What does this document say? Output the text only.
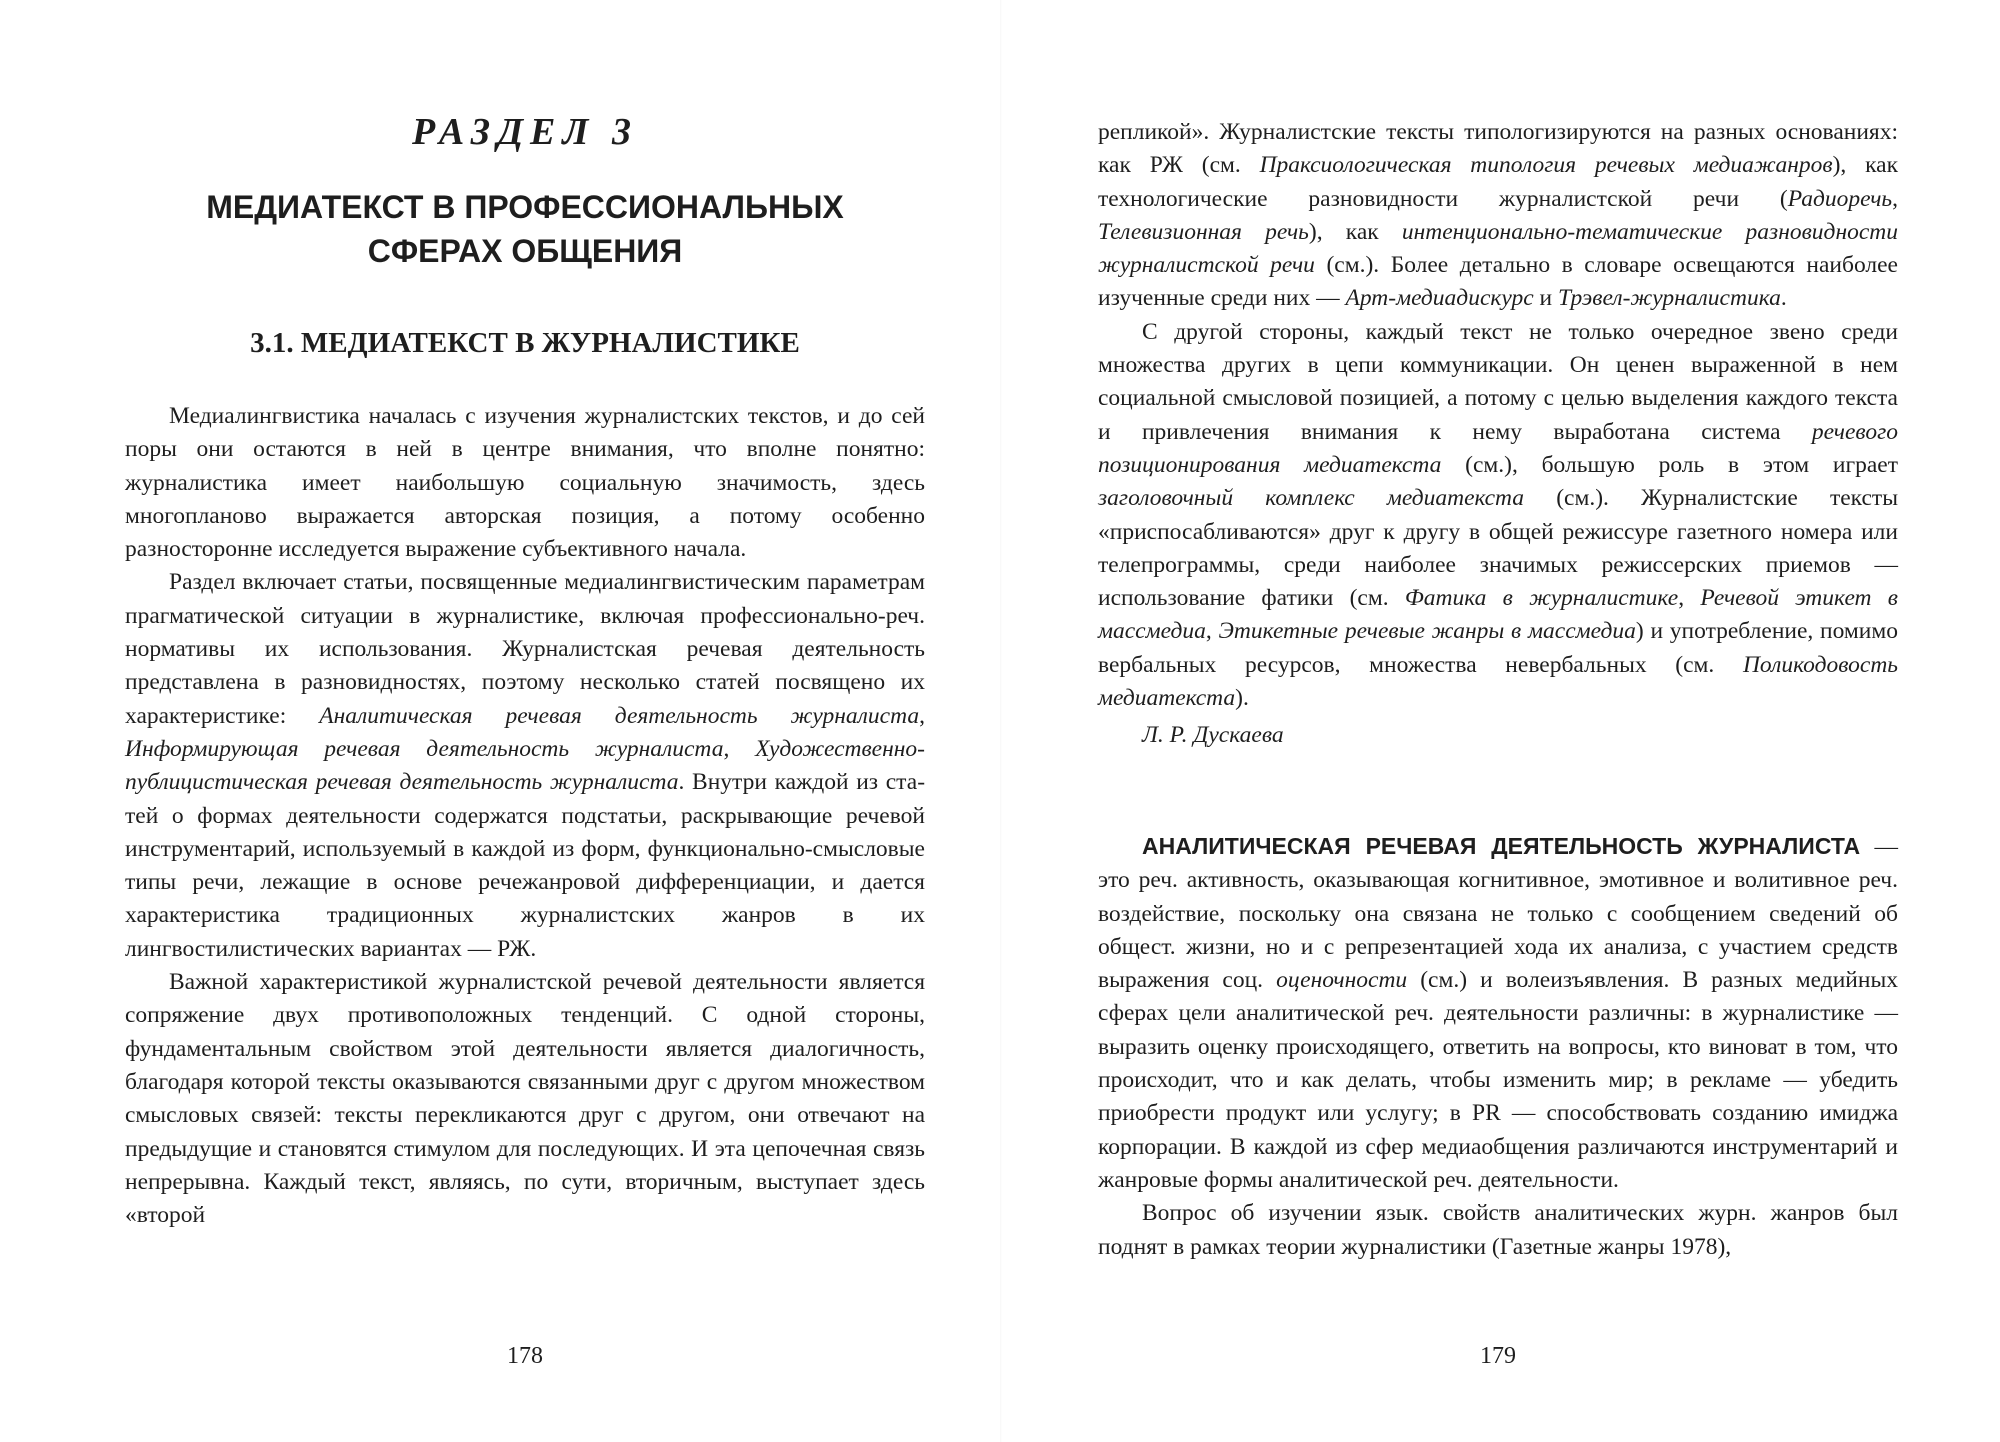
РАЗДЕЛ 3
МЕДИАТЕКСТ В ПРОФЕССИОНАЛЬНЫХ
СФЕРАХ ОБЩЕНИЯ
3.1. МЕДИАТЕКСТ В ЖУРНАЛИСТИКЕ

Медиалингвистика началась с изучения журналистских текстов, и до сей поры они остаются в ней в центре внимания, что вполне понятно: журналистика имеет наибольшую социальную значимость, здесь многопланово выражается авторская позиция, а потому особенно разносторонне исследуется выражение субъективного начала.

Раздел включает статьи, посвященные медиалингвистическим параметрам прагматической ситуации в журналистике, включая профессионально-реч. нормативы их использования. Журналистская речевая деятельность представлена в разновидностях, поэтому несколько статей посвящено их характеристике: Аналитическая речевая деятельность журналиста, Информирующая речевая деятельность журналиста, Художественно-публицистическая речевая деятельность журналиста. Внутри каждой из статей о формах деятельности содержатся подстатьи, раскрывающие речевой инструментарий, используемый в каждой из форм, функционально-смысловые типы речи, лежащие в основе речежанровой дифференциации, и дается характеристика традиционных журналистских жанров в их лингвостилистических вариантах — РЖ.

Важной характеристикой журналистской речевой деятельности является сопряжение двух противоположных тенденций. С одной стороны, фундаментальным свойством этой деятельности является диалогичность, благодаря которой тексты оказываются связанными друг с другом множеством смысловых связей: тексты перекликаются друг с другом, они отвечают на предыдущие и становятся стимулом для последующих. И эта цепочечная связь непрерывна. Каждый текст, являясь, по сути, вторичным, выступает здесь «второй

178

репликой». Журналистские тексты типологизируются на разных основаниях: как РЖ (см. Праксиологическая типология речевых медиажанров), как технологические разновидности журналистской речи (Радиоречь, Телевизионная речь), как интенционально-тематические разновидности журналистской речи (см.). Более детально в словаре освещаются наиболее изученные среди них — Арт-медиадискурс и Трэвел-журналистика.

С другой стороны, каждый текст не только очередное звено среди множества других в цепи коммуникации. Он ценен выраженной в нем социальной смысловой позицией, а потому с целью выделения каждого текста и привлечения внимания к нему выработана система речевого позиционирования медиатекста (см.), большую роль в этом играет заголовочный комплекс медиатекста (см.). Журналистские тексты «приспосабливаются» друг к другу в общей режиссуре газетного номера или телепрограммы, среди наиболее значимых режиссерских приемов — использование фатики (см. Фатика в журналистике, Речевой этикет в массмедиа, Этикетные речевые жанры в массмедиа) и употребление, помимо вербальных ресурсов, множества невербальных (см. Поликодовость медиатекста).

Л. Р. Дускаева

АНАЛИТИЧЕСКАЯ РЕЧЕВАЯ ДЕЯТЕЛЬНОСТЬ ЖУРНАЛИСТА — это реч. активность, оказывающая когнитивное, эмотивное и волитивное реч. воздействие, поскольку она связана не только с сообщением сведений об общест. жизни, но и с репрезентацией хода их анализа, с участием средств выражения соц. оценочности (см.) и волеизъявления. В разных медийных сферах цели аналитической реч. деятельности различны: в журналистике — выразить оценку происходящего, ответить на вопросы, кто виноват в том, что происходит, что и как делать, чтобы изменить мир; в рекламе — убедить приобрести продукт или услугу; в PR — способствовать созданию имиджа корпорации. В каждой из сфер медиаобщения различаются инструментарий и жанровые формы аналитической реч. деятельности.

Вопрос об изучении язык. свойств аналитических журн. жанров был поднят в рамках теории журналистики (Газетные жанры 1978),

179
